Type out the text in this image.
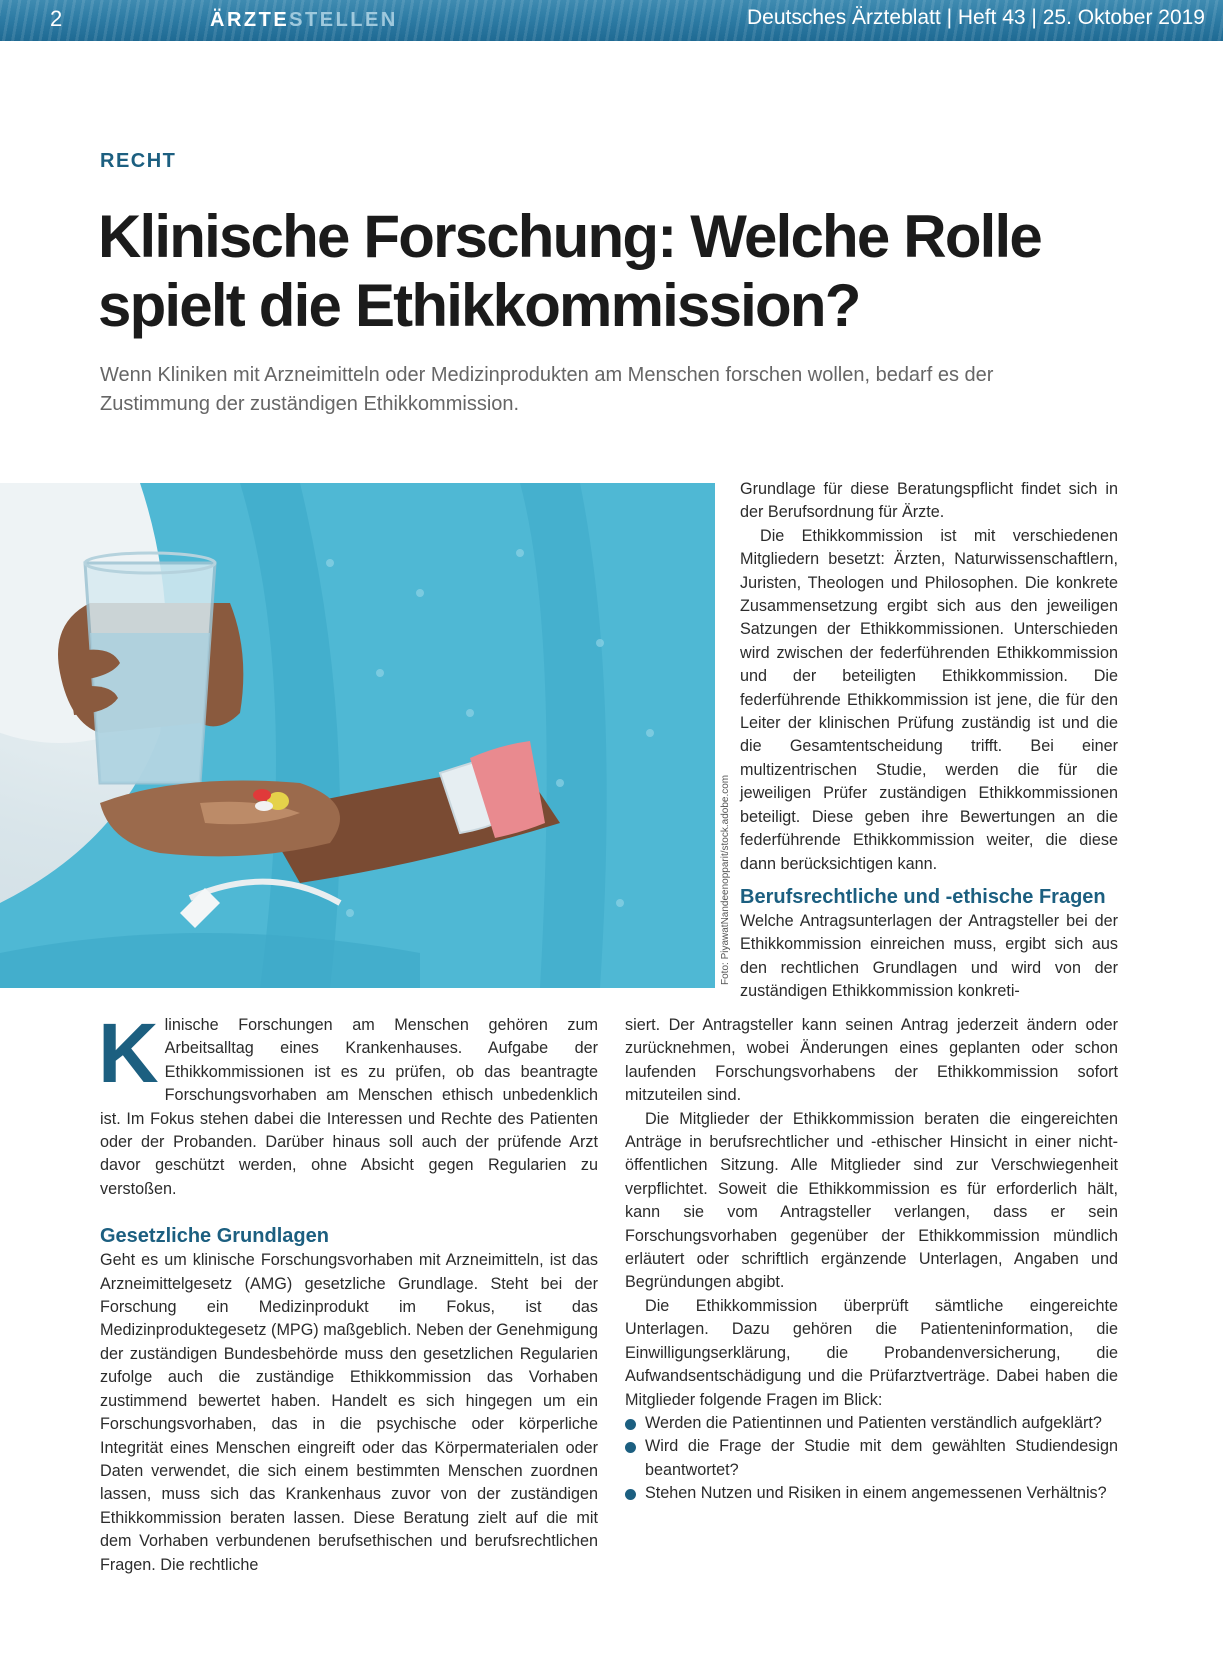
2	ÄRZTESTELLEN	Deutsches Ärzteblatt | Heft 43 | 25. Oktober 2019
RECHT
Klinische Forschung: Welche Rolle spielt die Ethikkommission?

Wenn Kliniken mit Arzneimitteln oder Medizinprodukten am Menschen forschen wollen, bedarf es der Zustimmung der zuständigen Ethikkommission.

Foto: PiyawatNandeenopparit/stock.adobe.com

Grundlage für diese Beratungspflicht findet sich in der Berufsordnung für Ärzte.

Die Ethikkommission ist mit verschiedenen Mitgliedern besetzt: Ärzten, Naturwissenschaftlern, Juristen, Theologen und Philosophen. Die konkrete Zusammensetzung ergibt sich aus den jeweiligen Satzungen der Ethikkommissionen. Unterschieden wird zwischen der federführenden Ethikkommission und der beteiligten Ethikkommission. Die federführende Ethikkommission ist jene, die für den Leiter der klinischen Prüfung zuständig ist und die die Gesamtentscheidung trifft. Bei einer multizentrischen Studie, werden die für die jeweiligen Prüfer zuständigen Ethikkommissionen beteiligt. Diese geben ihre Bewertungen an die federführende Ethikkommission weiter, die diese dann berücksichtigen kann.

Berufsrechtliche und -ethische Fragen

Welche Antragsunterlagen der Antragsteller bei der Ethikkommission einreichen muss, ergibt sich aus den rechtlichen Grundlagen und wird von der zuständigen Ethikkommission konkreti-

Klinische Forschungen am Menschen gehören zum Arbeitsalltag eines Krankenhauses. Aufgabe der Ethikkommissionen ist es zu prüfen, ob das beantragte Forschungsvorhaben am Menschen ethisch unbedenklich ist. Im Fokus stehen dabei die Interessen und Rechte des Patienten oder der Probanden. Darüber hinaus soll auch der prüfende Arzt davor geschützt werden, ohne Absicht gegen Regularien zu verstoßen.

Gesetzliche Grundlagen

Geht es um klinische Forschungsvorhaben mit Arzneimitteln, ist das Arzneimittelgesetz (AMG) gesetzliche Grundlage. Steht bei der Forschung ein Medizinprodukt im Fokus, ist das Medizinproduktegesetz (MPG) maßgeblich. Neben der Genehmigung der zuständigen Bundesbehörde muss den gesetzlichen Regularien zufolge auch die zuständige Ethikkommission das Vorhaben zustimmend bewertet haben. Handelt es sich hingegen um ein Forschungsvorhaben, das in die psychische oder körperliche Integrität eines Menschen eingreift oder das Körpermaterialen oder Daten verwendet, die sich einem bestimmten Menschen zuordnen lassen, muss sich das Krankenhaus zuvor von der zuständigen Ethikkommission beraten lassen. Diese Beratung zielt auf die mit dem Vorhaben verbundenen berufsethischen und berufsrechtlichen Fragen. Die rechtliche

siert. Der Antragsteller kann seinen Antrag jederzeit ändern oder zurücknehmen, wobei Änderungen eines geplanten oder schon laufenden Forschungsvorhabens der Ethikkommission sofort mitzuteilen sind.

Die Mitglieder der Ethikkommission beraten die eingereichten Anträge in berufsrechtlicher und -ethischer Hinsicht in einer nicht-öffentlichen Sitzung. Alle Mitglieder sind zur Verschwiegenheit verpflichtet. Soweit die Ethikkommission es für erforderlich hält, kann sie vom Antragsteller verlangen, dass er sein Forschungsvorhaben gegenüber der Ethikkommission mündlich erläutert oder schriftlich ergänzende Unterlagen, Angaben und Begründungen abgibt.

Die Ethikkommission überprüft sämtliche eingereichte Unterlagen. Dazu gehören die Patienteninformation, die Einwilligungserklärung, die Probandenversicherung, die Aufwandsentschädigung und die Prüfarztverträge. Dabei haben die Mitglieder folgende Fragen im Blick:

Werden die Patientinnen und Patienten verständlich aufgeklärt?
Wird die Frage der Studie mit dem gewählten Studiendesign beantwortet?
Stehen Nutzen und Risiken in einem angemessenen Verhältnis?
